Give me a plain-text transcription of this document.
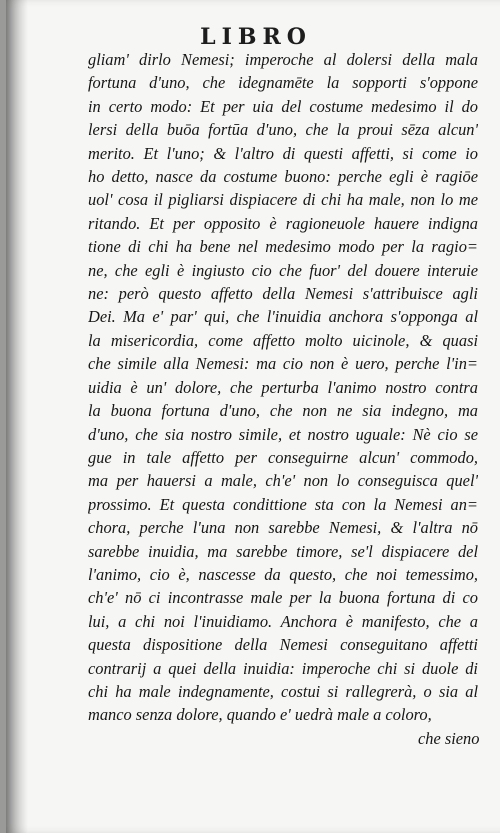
LIBRO
gliam' dirlo Nemesi; imperoche al dolersi della mala
fortuna d'uno, che idegnamēte la sopporti s'oppone
in certo modo: Et per uia del costume medesimo il do
lersi della buōa fortūa d'uno, che la proui sēza alcun'
merito. Et l'uno; & l'altro di questi affetti, si come io
ho detto, nasce da costume buono: perche egli è ragiōe
uol' cosa il pigliarsi dispiacere di chi ha male, non lo me
ritando. Et per opposito è ragioneuole hauere indigna
tione di chi ha bene nel medesimo modo per la ragio=
ne, che egli è ingiusto cio che fuor' del douere interuie
ne: però questo affetto della Nemesi s'attribuisce agli
Dei. Ma e' par' qui, che l'inuidia anchora s'opponga al
la misericordia, come affetto molto uicinole, & quasi
che simile alla Nemesi: ma cio non è uero, perche l'in=
uidia è un' dolore, che perturba l'animo nostro contra
la buona fortuna d'uno, che non ne sia indegno, ma
d'uno, che sia nostro simile, et nostro uguale: Nè cio se
gue in tale affetto per conseguirne alcun' commodo,
ma per hauersi a male, ch'e' non lo conseguisca quel'
prossimo. Et questa condittione sta con la Nemesi an=
chora, perche l'una non sarebbe Nemesi, & l'altra nō
sarebbe inuidia, ma sarebbe timore, se'l dispiacere del
l'animo, cio è, nascesse da questo, che noi temessimo,
ch'e' nō ci incontrasse male per la buona fortuna di co
lui, a chi noi l'inuidiamo. Anchora è manifesto, che a
questa dispositione della Nemesi conseguitano affetti
contrarij a quei della inuidia: imperoche chi si duole di
chi ha male indegnamente, costui si rallegrerà, o sia al
manco senza dolore, quando e' uedrà male a coloro,
che sieno
